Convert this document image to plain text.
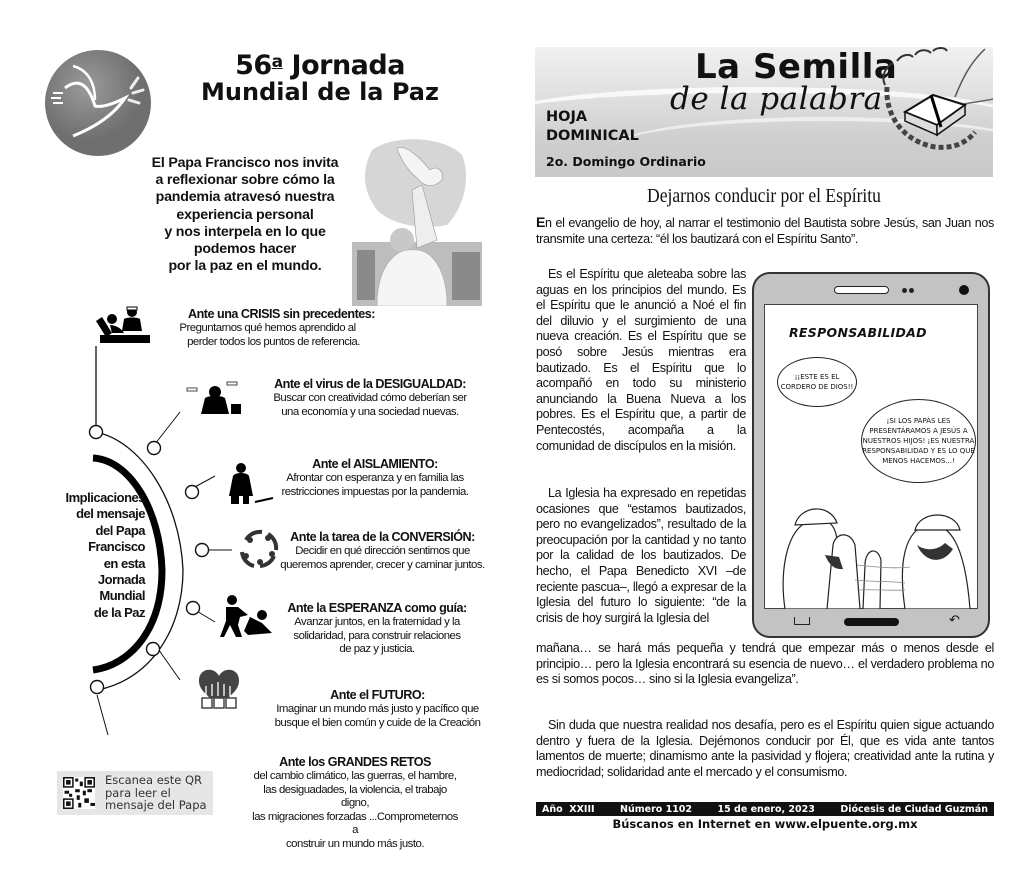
56$^a$ Jornada
Mundial de la Paz
El Papa Francisco nos invita
a reflexionar sobre cómo la
pandemia atravesó nuestra
experiencia personal
y nos interpela en lo que
podemos hacer
por la paz en el mundo.
Implicaciones
del mensaje
del Papa Francisco
en esta
Jornada Mundial
de la Paz
Ante una CRISIS sin precedentes:
Preguntarnos qué hemos aprendido al
perder todos los puntos de referencia.
Ante el virus de la DESIGUALDAD:
Buscar con creatividad cómo deberían ser
una economía y una sociedad nuevas.
Ante el AISLAMIENTO:
Afrontar con esperanza y en familia las
restricciones impuestas por la pandemia.
Ante la tarea de la CONVERSIÓN:
Decidir en qué dirección sentimos que
queremos aprender, crecer y caminar juntos.
Ante la ESPERANZA como guía:
Avanzar juntos, en la fraternidad y la
solidaridad, para construir relaciones
de paz y justicia.
Ante el FUTURO:
Imaginar un mundo más justo y pacífico que
busque el bien común y cuide de la Creación
Ante los GRANDES RETOS
del cambio climático, las guerras, el hambre,
las desiguadades, la violencia, el trabajo digno,
las migraciones forzadas ...Comprometernos a
construir un mundo más justo.
Escanea este QR
para leer el
mensaje del Papa
La Semilla
de la palabra
HOJA
DOMINICAL
2o. Domingo Ordinario
Dejarnos conducir por el Espíritu
En el evangelio de hoy, al narrar el testimonio del Bautista sobre Jesús, san Juan nos transmite una certeza: “él los bautizará con el Espíritu Santo”.
Es el Espíritu que aleteaba sobre las aguas en los principios del mundo. Es el Espíritu que le anunció a Noé el fin del diluvio y el surgimiento de una nueva creación. Es el Espíritu que se posó sobre Jesús mientras era bautizado. Es el Espíritu que lo acompañó en todo su ministerio anunciando la Buena Nueva a los pobres. Es el Espíritu que, a partir de Pentecostés, acompaña a la comunidad de discípulos en la misión.
La Iglesia ha expresado en repetidas ocasiones que “estamos bautizados, pero no evangelizados”, resultado de la preocupación por la cantidad y no tanto por la calidad de los bautizados. De hecho, el Papa Benedicto XVI –de reciente pascua–, llegó a expresar de la Iglesia del futuro lo siguiente: “de la crisis de hoy surgirá la Iglesia del
mañana… se hará más pequeña y tendrá que empezar más o menos desde el principio… pero la Iglesia encontrará su esencia de nuevo… el verdadero problema no es si somos pocos… sino si la Iglesia evangeliza”.
Sin duda que nuestra realidad nos desafía, pero es el Espíritu quien sigue actuando dentro y fuera de la Iglesia. Dejémonos conducir por Él, que es vida ante tantos lamentos de muerte; dinamismo ante la pasividad y flojera; creatividad ante la rutina y mediocridad; solidaridad ante el mercado y el consumismo.
RESPONSABILIDAD
¡¡ESTE ES EL CORDERO DE DIOS!!
¡SI LOS PAPÁS LES PRESENTÁRAMOS A JESÚS A NUESTROS HIJOS! ¡ES NUESTRA RESPONSABILIDAD Y ES LO QUE MENOS HACEMOS...!
↶
Año  XXIII	Número 1102	15 de enero, 2023	Diócesis de Ciudad Guzmán
Búscanos en Internet en www.elpuente.org.mx
